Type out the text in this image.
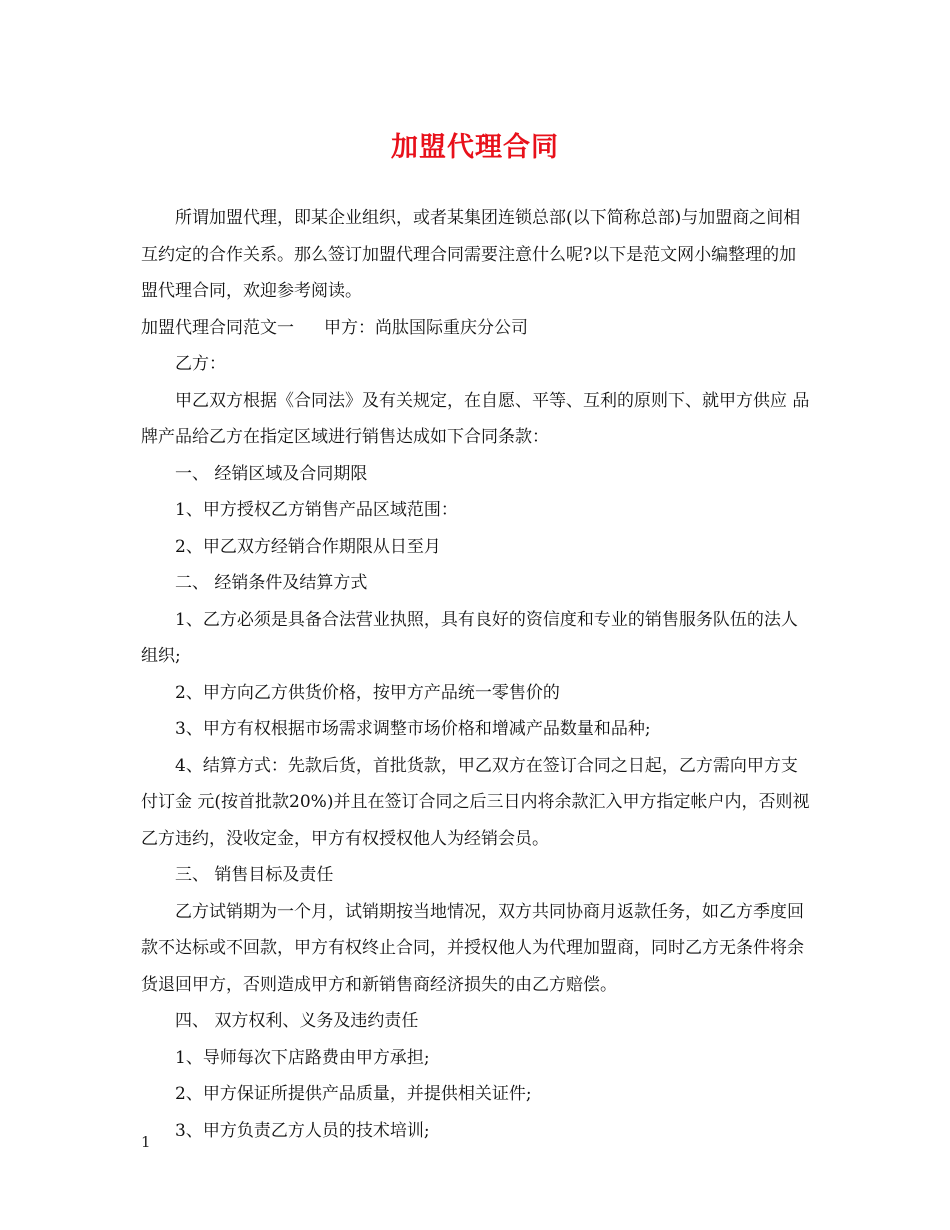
加盟代理合同

所谓加盟代理，即某企业组织，或者某集团连锁总部(以下简称总部)与加盟商之间相互约定的合作关系。那么签订加盟代理合同需要注意什么呢?以下是范文网小编整理的加盟代理合同，欢迎参考阅读。

加盟代理合同范文一 甲方：尚肽国际重庆分公司

乙方：

甲乙双方根据《合同法》及有关规定，在自愿、平等、互利的原则下、就甲方供应 品牌产品给乙方在指定区域进行销售达成如下合同条款：

一、 经销区域及合同期限

1、甲方授权乙方销售产品区域范围：

2、甲乙双方经销合作期限从日至月

二、 经销条件及结算方式

1、乙方必须是具备合法营业执照，具有良好的资信度和专业的销售服务队伍的法人组织;

2、甲方向乙方供货价格，按甲方产品统一零售价的

3、甲方有权根据市场需求调整市场价格和增减产品数量和品种;

4、结算方式：先款后货，首批货款，甲乙双方在签订合同之日起，乙方需向甲方支付订金 元(按首批款20%)并且在签订合同之后三日内将余款汇入甲方指定帐户内，否则视乙方违约，没收定金，甲方有权授权他人为经销会员。

三、 销售目标及责任

乙方试销期为一个月，试销期按当地情况，双方共同协商月返款任务，如乙方季度回款不达标或不回款，甲方有权终止合同，并授权他人为代理加盟商，同时乙方无条件将余货退回甲方，否则造成甲方和新销售商经济损失的由乙方赔偿。

四、 双方权利、义务及违约责任

1、导师每次下店路费由甲方承担;

2、甲方保证所提供产品质量，并提供相关证件;

3、甲方负责乙方人员的技术培训;

1
